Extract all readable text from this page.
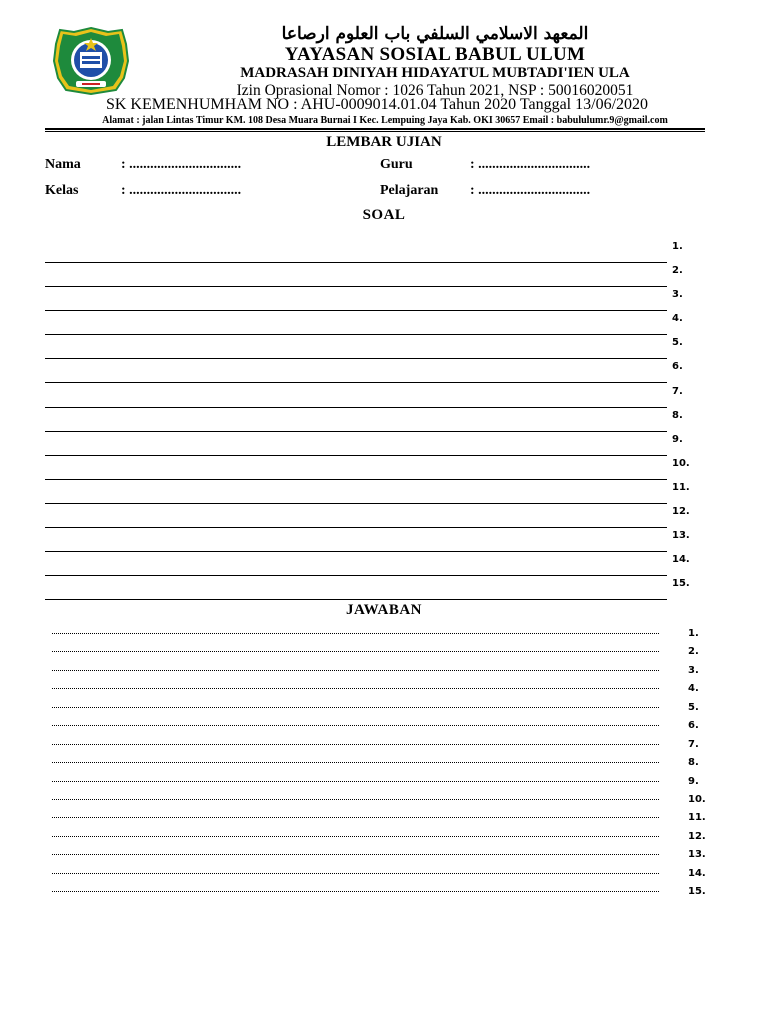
المعهد الاسلامي السلفي باب العلوم ارصاعا
YAYASAN SOSIAL BABUL ULUM
MADRASAH DINIYAH HIDAYATUL MUBTADI'IEN ULA
Izin Oprasional Nomor : 1026 Tahun 2021, NSP : 50016020051
SK KEMENHUMHAM NO : AHU-0009014.01.04 Tahun 2020 Tanggal 13/06/2020
Alamat : jalan Lintas Timur KM. 108 Desa Muara Burnai I Kec. Lempuing Jaya Kab. OKI 30657 Email : babululumr.9@gmail.com
LEMBAR UJIAN
Nama	: ................................	Guru	: ................................
Kelas	: ................................	Pelajaran : ................................
SOAL
1.
2.
3.
4.
5.
6.
7.
8.
9.
10.
11.
12.
13.
14.
15.
JAWABAN
1.
2.
3.
4.
5.
6.
7.
8.
9.
10.
11.
12.
13.
14.
15.
